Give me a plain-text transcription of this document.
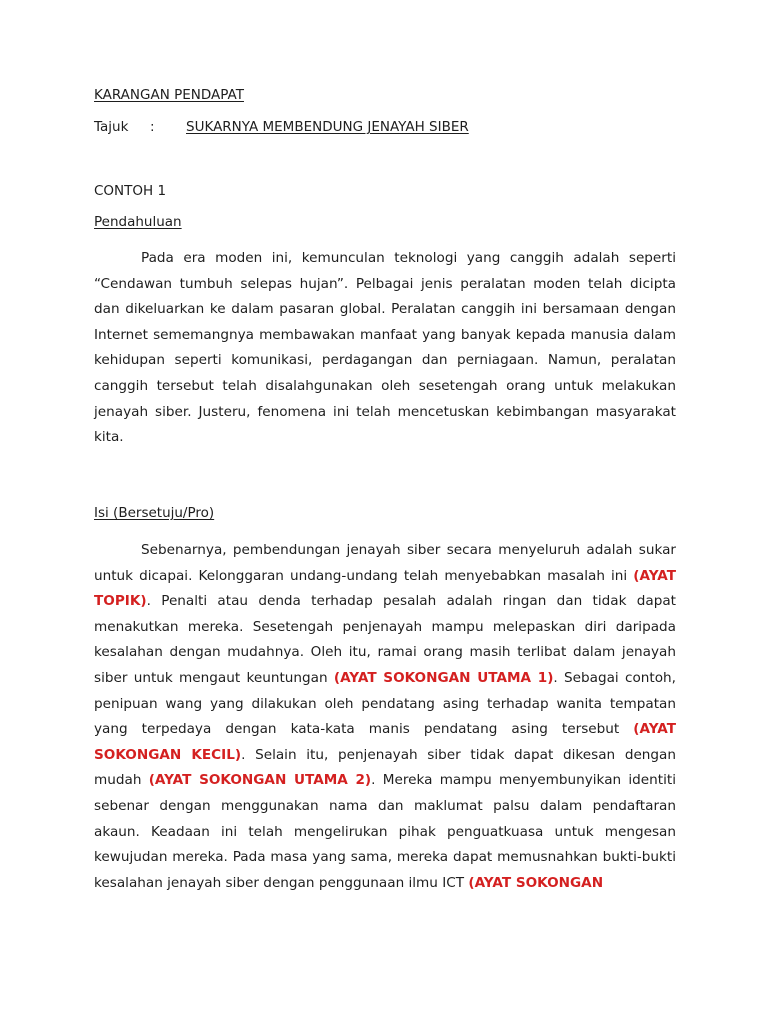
KARANGAN PENDAPAT
Tajuk : SUKARNYA MEMBENDUNG JENAYAH SIBER
CONTOH 1
Pendahuluan

Pada era moden ini, kemunculan teknologi yang canggih adalah seperti “Cendawan tumbuh selepas hujan”. Pelbagai jenis peralatan moden telah dicipta dan dikeluarkan ke dalam pasaran global. Peralatan canggih ini bersamaan dengan Internet sememangnya membawakan manfaat yang banyak kepada manusia dalam kehidupan seperti komunikasi, perdagangan dan perniagaan. Namun, peralatan canggih tersebut telah disalahgunakan oleh sesetengah orang untuk melakukan jenayah siber. Justeru, fenomena ini telah mencetuskan kebimbangan masyarakat kita.

Isi (Bersetuju/Pro)

Sebenarnya, pembendungan jenayah siber secara menyeluruh adalah sukar untuk dicapai. Kelonggaran undang-undang telah menyebabkan masalah ini (AYAT TOPIK). Penalti atau denda terhadap pesalah adalah ringan dan tidak dapat menakutkan mereka. Sesetengah penjenayah mampu melepaskan diri daripada kesalahan dengan mudahnya. Oleh itu, ramai orang masih terlibat dalam jenayah siber untuk mengaut keuntungan (AYAT SOKONGAN UTAMA 1). Sebagai contoh, penipuan wang yang dilakukan oleh pendatang asing terhadap wanita tempatan yang terpedaya dengan kata-kata manis pendatang asing tersebut (AYAT SOKONGAN KECIL). Selain itu, penjenayah siber tidak dapat dikesan dengan mudah (AYAT SOKONGAN UTAMA 2). Mereka mampu menyembunyikan identiti sebenar dengan menggunakan nama dan maklumat palsu dalam pendaftaran akaun. Keadaan ini telah mengelirukan pihak penguatkuasa untuk mengesan kewujudan mereka. Pada masa yang sama, mereka dapat memusnahkan bukti-bukti kesalahan jenayah siber dengan penggunaan ilmu ICT (AYAT SOKONGAN
